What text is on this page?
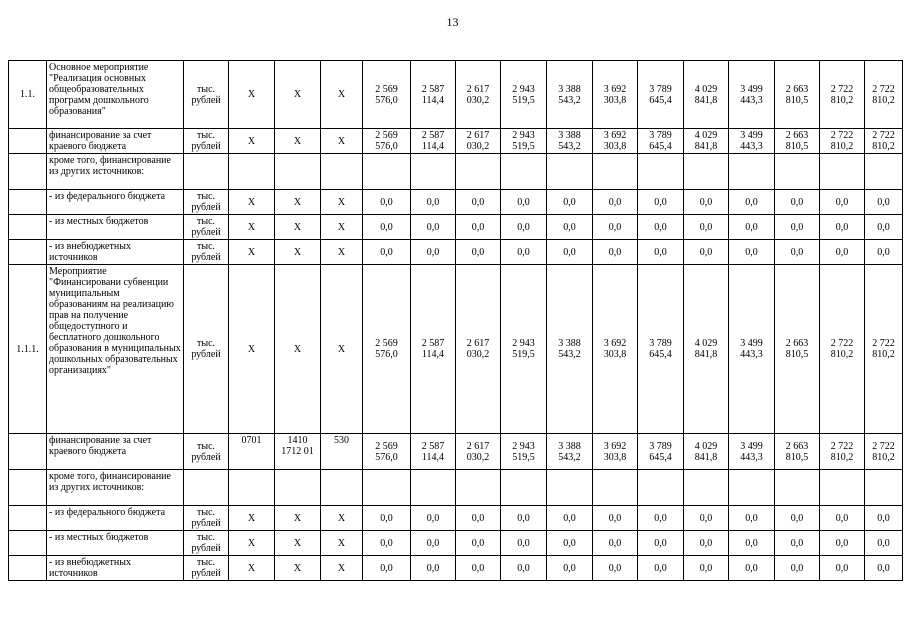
13
1.1.	Основное мероприятие "Реализация основных общеобразовательных программ дошкольного образования"	тыс. рублей	Х	Х	Х	2 569 576,0	2 587 114,4	2 617 030,2	2 943 519,5	3 388 543,2	3 692 303,8	3 789 645,4	4 029 841,8	3 499 443,3	2 663 810,5	2 722 810,2	2 722 810,2
	финансирование за счет краевого бюджета	тыс. рублей	Х	Х	Х	2 569 576,0	2 587 114,4	2 617 030,2	2 943 519,5	3 388 543,2	3 692 303,8	3 789 645,4	4 029 841,8	3 499 443,3	2 663 810,5	2 722 810,2	2 722 810,2
	кроме того, финансирование из других источников:																
	- из федерального бюджета	тыс. рублей	Х	Х	Х	0,0	0,0	0,0	0,0	0,0	0,0	0,0	0,0	0,0	0,0	0,0	0,0
	- из местных бюджетов	тыс. рублей	Х	Х	Х	0,0	0,0	0,0	0,0	0,0	0,0	0,0	0,0	0,0	0,0	0,0	0,0
	- из внебюджетных источников	тыс. рублей	Х	Х	Х	0,0	0,0	0,0	0,0	0,0	0,0	0,0	0,0	0,0	0,0	0,0	0,0
1.1.1.	Мероприятие "Финансировани субвенции муниципальным образованиям на реализацию прав на получение общедоступного и бесплатного дошкольного образования в муниципальных дошкольных образовательных организациях"	тыс. рублей	Х	Х	Х	2 569 576,0	2 587 114,4	2 617 030,2	2 943 519,5	3 388 543,2	3 692 303,8	3 789 645,4	4 029 841,8	3 499 443,3	2 663 810,5	2 722 810,2	2 722 810,2
	финансирование за счет краевого бюджета	тыс. рублей	0701	1410 1712 01	530	2 569 576,0	2 587 114,4	2 617 030,2	2 943 519,5	3 388 543,2	3 692 303,8	3 789 645,4	4 029 841,8	3 499 443,3	2 663 810,5	2 722 810,2	2 722 810,2
	кроме того, финансирование из других источников:																
	- из федерального бюджета	тыс. рублей	Х	Х	Х	0,0	0,0	0,0	0,0	0,0	0,0	0,0	0,0	0,0	0,0	0,0	0,0
	- из местных бюджетов	тыс. рублей	Х	Х	Х	0,0	0,0	0,0	0,0	0,0	0,0	0,0	0,0	0,0	0,0	0,0	0,0
	- из внебюджетных источников	тыс. рублей	Х	Х	Х	0,0	0,0	0,0	0,0	0,0	0,0	0,0	0,0	0,0	0,0	0,0	0,0
